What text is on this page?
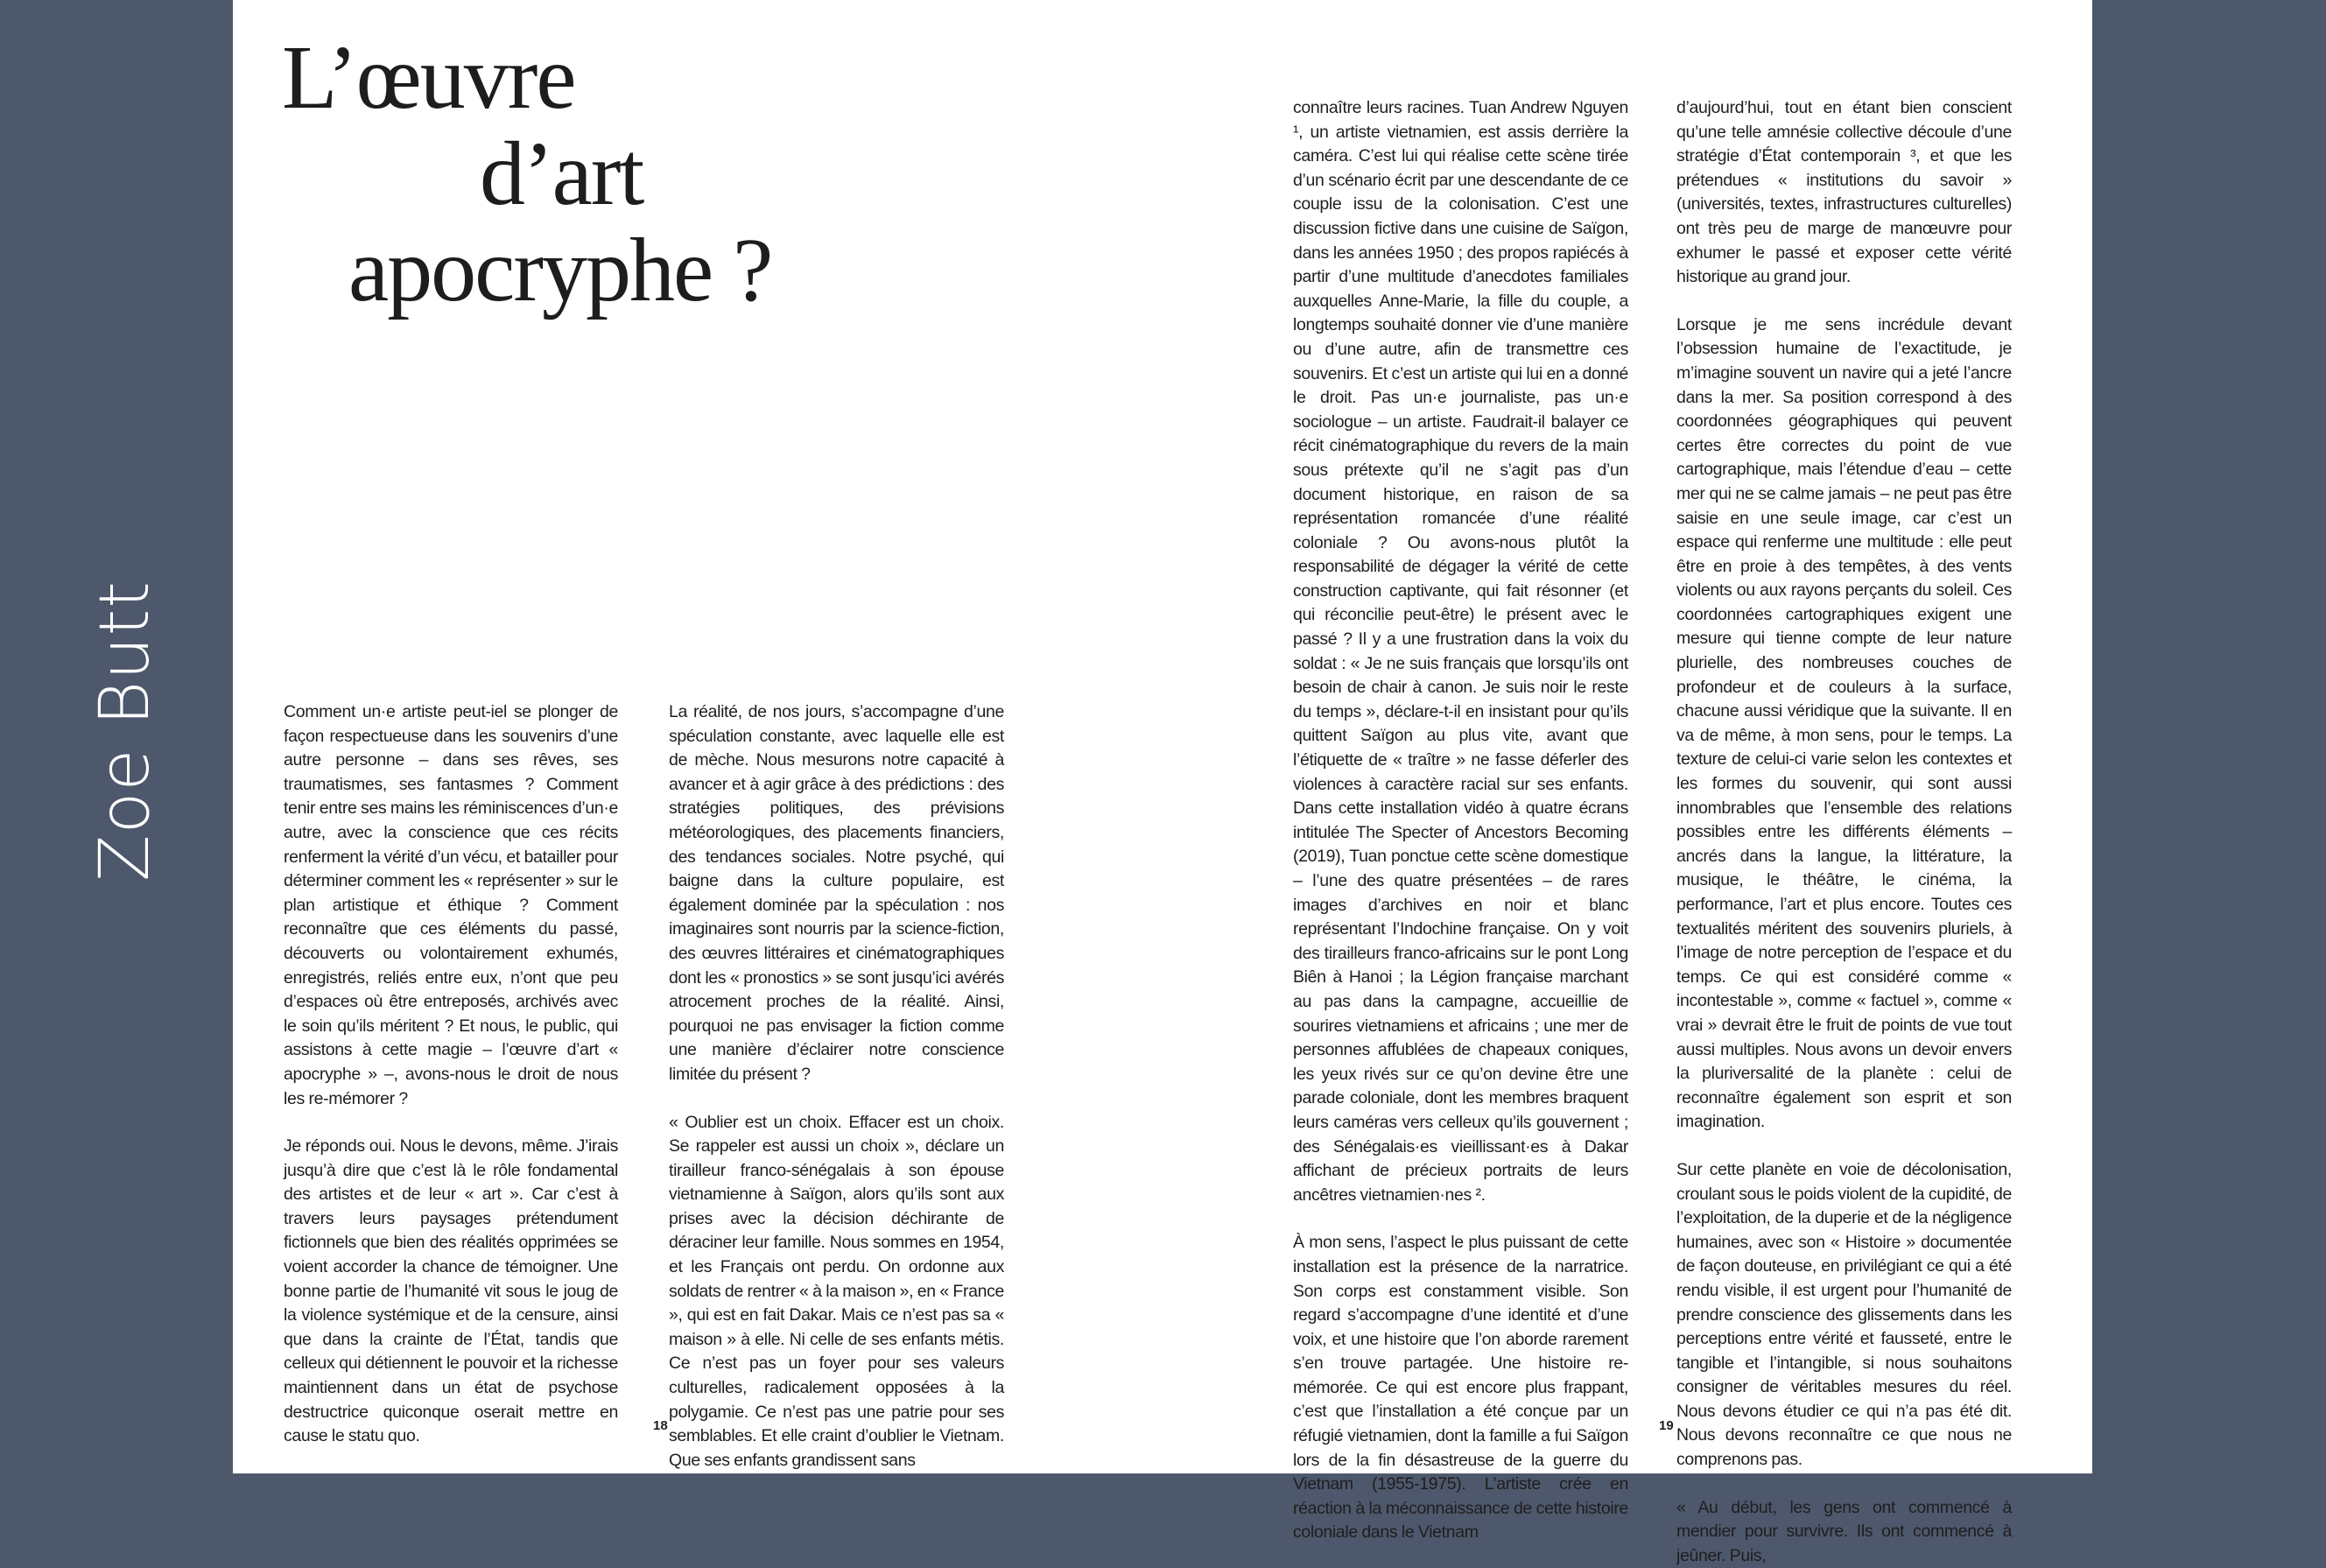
Zoe Butt
L’œuvre
d’art
apocryphe ?

Comment un·e artiste peut-iel se plonger de façon respectueuse dans les souvenirs d’une autre personne – dans ses rêves, ses traumatismes, ses fantasmes ? Comment tenir entre ses mains les réminiscences d’un·e autre, avec la conscience que ces récits renferment la vérité d’un vécu, et batailler pour déterminer comment les « représenter » sur le plan artistique et éthique ? Comment reconnaître que ces éléments du passé, découverts ou volontairement exhumés, enregistrés, reliés entre eux, n’ont que peu d’espaces où être entreposés, archivés avec le soin qu’ils méritent ? Et nous, le public, qui assistons à cette magie – l’œuvre d’art « apocryphe » –, avons-nous le droit de nous les re-mémorer ?

Je réponds oui. Nous le devons, même. J’irais jusqu’à dire que c’est là le rôle fondamental des artistes et de leur « art ». Car c’est à travers leurs paysages prétendument fictionnels que bien des réalités opprimées se voient accorder la chance de témoigner. Une bonne partie de l’humanité vit sous le joug de la violence systémique et de la censure, ainsi que dans la crainte de l’État, tandis que celleux qui détiennent le pouvoir et la richesse maintiennent dans un état de psychose destructrice quiconque oserait mettre en cause le statu quo.

La réalité, de nos jours, s’accompagne d’une spéculation constante, avec laquelle elle est de mèche. Nous mesurons notre capacité à avancer et à agir grâce à des prédictions : des stratégies politiques, des prévisions météorologiques, des placements financiers, des tendances sociales. Notre psyché, qui baigne dans la culture populaire, est également dominée par la spéculation : nos imaginaires sont nourris par la science-fiction, des œuvres littéraires et cinématographiques dont les « pronostics » se sont jusqu’ici avérés atrocement proches de la réalité. Ainsi, pourquoi ne pas envisager la fiction comme une manière d’éclairer notre conscience limitée du présent ?

« Oublier est un choix. Effacer est un choix. Se rappeler est aussi un choix », déclare un tirailleur franco-sénégalais à son épouse vietnamienne à Saïgon, alors qu’ils sont aux prises avec la décision déchirante de déraciner leur famille. Nous sommes en 1954, et les Français ont perdu. On ordonne aux soldats de rentrer « à la maison », en « France », qui est en fait Dakar. Mais ce n’est pas sa « maison » à elle. Ni celle de ses enfants métis. Ce n’est pas un foyer pour ses valeurs culturelles, radicalement opposées à la polygamie. Ce n’est pas une patrie pour ses semblables. Et elle craint d’oublier le Vietnam. Que ses enfants grandissent sans

connaître leurs racines. Tuan Andrew Nguyen ¹, un artiste vietnamien, est assis derrière la caméra. C’est lui qui réalise cette scène tirée d’un scénario écrit par une descendante de ce couple issu de la colonisation. C’est une discussion fictive dans une cuisine de Saïgon, dans les années 1950 ; des propos rapiécés à partir d’une multitude d’anecdotes familiales auxquelles Anne-Marie, la fille du couple, a longtemps souhaité donner vie d’une manière ou d’une autre, afin de transmettre ces souvenirs. Et c’est un artiste qui lui en a donné le droit. Pas un·e journaliste, pas un·e sociologue – un artiste. Faudrait-il balayer ce récit cinématographique du revers de la main sous prétexte qu’il ne s’agit pas d’un document historique, en raison de sa représentation romancée d’une réalité coloniale ? Ou avons-nous plutôt la responsabilité de dégager la vérité de cette construction captivante, qui fait résonner (et qui réconcilie peut-être) le présent avec le passé ? Il y a une frustration dans la voix du soldat : « Je ne suis français que lorsqu’ils ont besoin de chair à canon. Je suis noir le reste du temps », déclare-t-il en insistant pour qu’ils quittent Saïgon au plus vite, avant que l’étiquette de « traître » ne fasse déferler des violences à caractère racial sur ses enfants. Dans cette installation vidéo à quatre écrans intitulée The Specter of Ancestors Becoming (2019), Tuan ponctue cette scène domestique – l’une des quatre présentées – de rares images d’archives en noir et blanc représentant l’Indochine française. On y voit des tirailleurs franco-africains sur le pont Long Biên à Hanoi ; la Légion française marchant au pas dans la campagne, accueillie de sourires vietnamiens et africains ; une mer de personnes affublées de chapeaux coniques, les yeux rivés sur ce qu’on devine être une parade coloniale, dont les membres braquent leurs caméras vers celleux qu’ils gouvernent ; des Sénégalais·es vieillissant·es à Dakar affichant de précieux portraits de leurs ancêtres vietnamien·nes ².

À mon sens, l’aspect le plus puissant de cette installation est la présence de la narratrice. Son corps est constamment visible. Son regard s’accompagne d’une identité et d’une voix, et une histoire que l’on aborde rarement s’en trouve partagée. Une histoire re-mémorée. Ce qui est encore plus frappant, c’est que l’installation a été conçue par un réfugié vietnamien, dont la famille a fui Saïgon lors de la fin désastreuse de la guerre du Vietnam (1955-1975). L’artiste crée en réaction à la méconnaissance de cette histoire coloniale dans le Vietnam

d’aujourd’hui, tout en étant bien conscient qu’une telle amnésie collective découle d’une stratégie d’État contemporain ³, et que les prétendues « institutions du savoir » (universités, textes, infrastructures culturelles) ont très peu de marge de manœuvre pour exhumer le passé et exposer cette vérité historique au grand jour.

Lorsque je me sens incrédule devant l’obsession humaine de l’exactitude, je m’imagine souvent un navire qui a jeté l’ancre dans la mer. Sa position correspond à des coordonnées géographiques qui peuvent certes être correctes du point de vue cartographique, mais l’étendue d’eau – cette mer qui ne se calme jamais – ne peut pas être saisie en une seule image, car c’est un espace qui renferme une multitude : elle peut être en proie à des tempêtes, à des vents violents ou aux rayons perçants du soleil. Ces coordonnées cartographiques exigent une mesure qui tienne compte de leur nature plurielle, des nombreuses couches de profondeur et de couleurs à la surface, chacune aussi véridique que la suivante. Il en va de même, à mon sens, pour le temps. La texture de celui-ci varie selon les contextes et les formes du souvenir, qui sont aussi innombrables que l’ensemble des relations possibles entre les différents éléments – ancrés dans la langue, la littérature, la musique, le théâtre, le cinéma, la performance, l’art et plus encore. Toutes ces textualités méritent des souvenirs pluriels, à l’image de notre perception de l’espace et du temps. Ce qui est considéré comme « incontestable », comme « factuel », comme « vrai » devrait être le fruit de points de vue tout aussi multiples. Nous avons un devoir envers la pluriversalité de la planète : celui de reconnaître également son esprit et son imagination.

Sur cette planète en voie de décolonisation, croulant sous le poids violent de la cupidité, de l’exploitation, de la duperie et de la négligence humaines, avec son « Histoire » documentée de façon douteuse, en privilégiant ce qui a été rendu visible, il est urgent pour l’humanité de prendre conscience des glissements dans les perceptions entre vérité et fausseté, entre le tangible et l’intangible, si nous souhaitons consigner de véritables mesures du réel. Nous devons étudier ce qui n’a pas été dit. Nous devons reconnaître ce que nous ne comprenons pas.

« Au début, les gens ont commencé à mendier pour survivre. Ils ont commencé à jeûner. Puis,

18	19
